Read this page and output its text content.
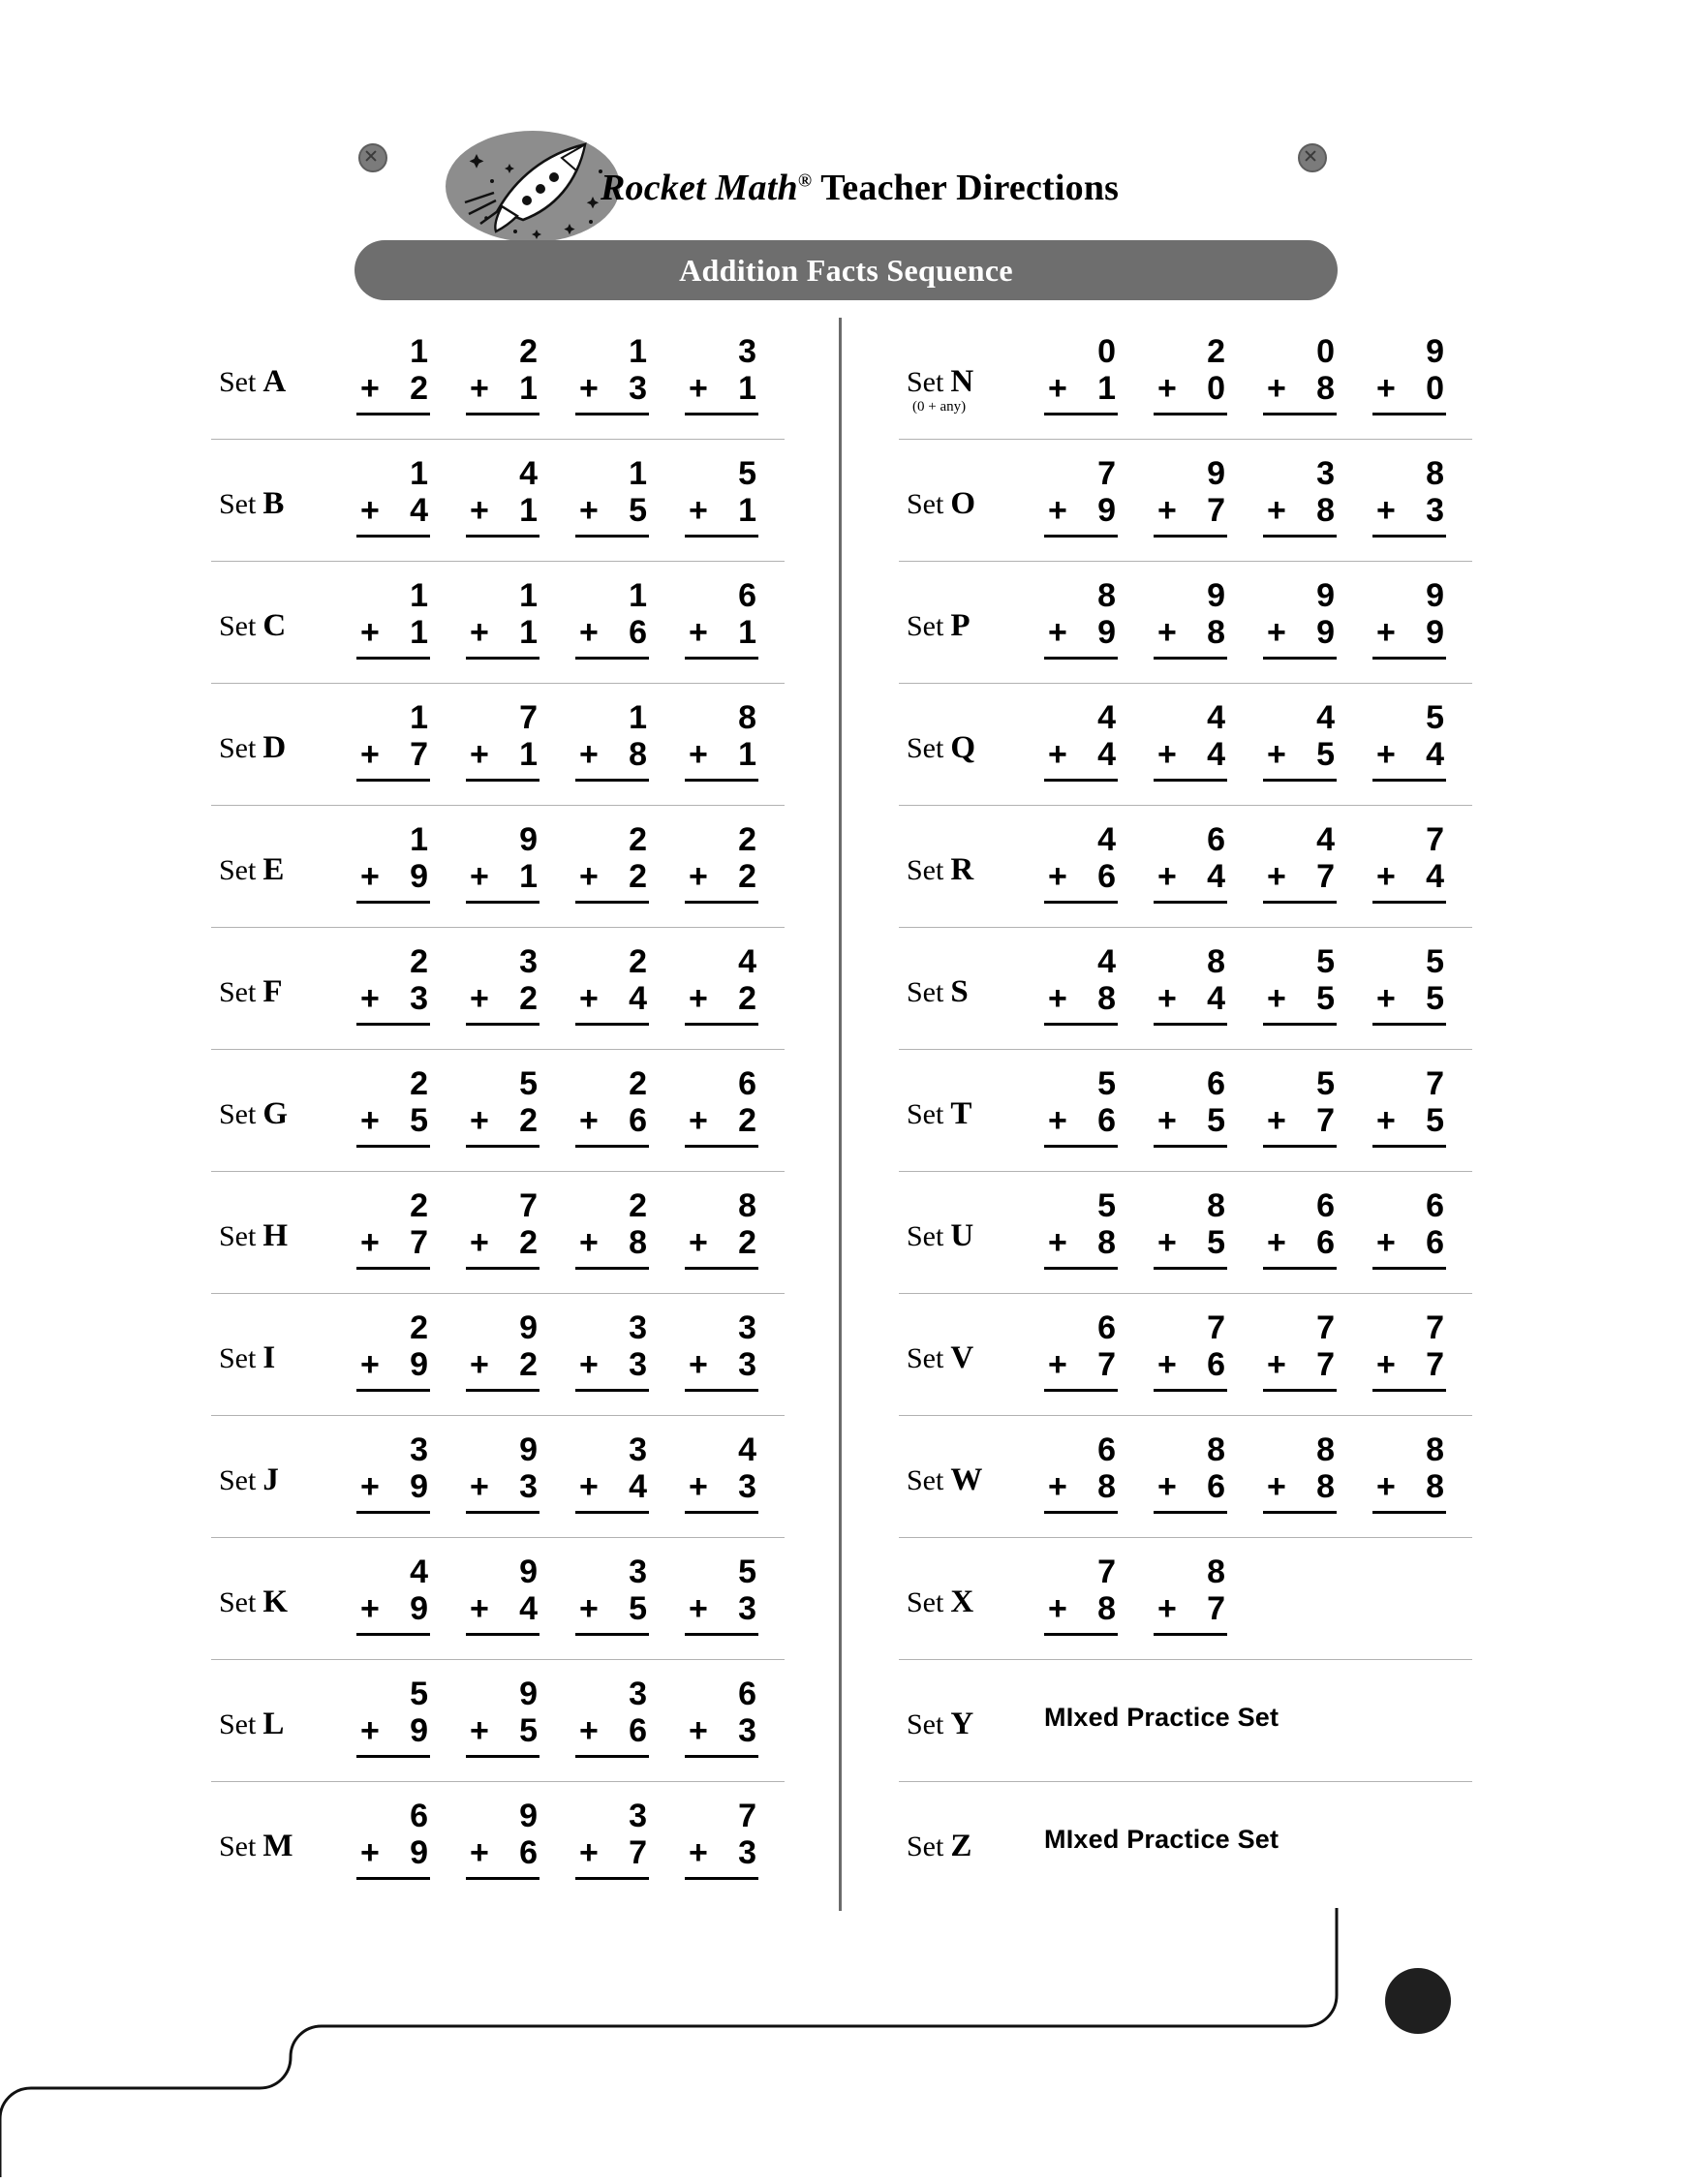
Rocket Math® Teacher Directions
Addition Facts Sequence
Set A
1
+ 2
2
+ 1
1
+ 3
3
+ 1
Set B
1
+ 4
4
+ 1
1
+ 5
5
+ 1
Set C
1
+ 1
1
+ 1
1
+ 6
6
+ 1
Set D
1
+ 7
7
+ 1
1
+ 8
8
+ 1
Set E
1
+ 9
9
+ 1
2
+ 2
2
+ 2
Set F
2
+ 3
3
+ 2
2
+ 4
4
+ 2
Set G
2
+ 5
5
+ 2
2
+ 6
6
+ 2
Set H
2
+ 7
7
+ 2
2
+ 8
8
+ 2
Set I
2
+ 9
9
+ 2
3
+ 3
3
+ 3
Set J
3
+ 9
9
+ 3
3
+ 4
4
+ 3
Set K
4
+ 9
9
+ 4
3
+ 5
5
+ 3
Set L
5
+ 9
9
+ 5
3
+ 6
6
+ 3
Set M
6
+ 9
9
+ 6
3
+ 7
7
+ 3
Set N
(0 + any)
0
+ 1
2
+ 0
0
+ 8
9
+ 0
Set O
7
+ 9
9
+ 7
3
+ 8
8
+ 3
Set P
8
+ 9
9
+ 8
9
+ 9
9
+ 9
Set Q
4
+ 4
4
+ 4
4
+ 5
5
+ 4
Set R
4
+ 6
6
+ 4
4
+ 7
7
+ 4
Set S
4
+ 8
8
+ 4
5
+ 5
5
+ 5
Set T
5
+ 6
6
+ 5
5
+ 7
7
+ 5
Set U
5
+ 8
8
+ 5
6
+ 6
6
+ 6
Set V
6
+ 7
7
+ 6
7
+ 7
7
+ 7
Set W
6
+ 8
8
+ 6
8
+ 8
8
+ 8
Set X
7
+ 8
8
+ 7
Set Y	MIxed Practice Set
Set Z	MIxed Practice Set
